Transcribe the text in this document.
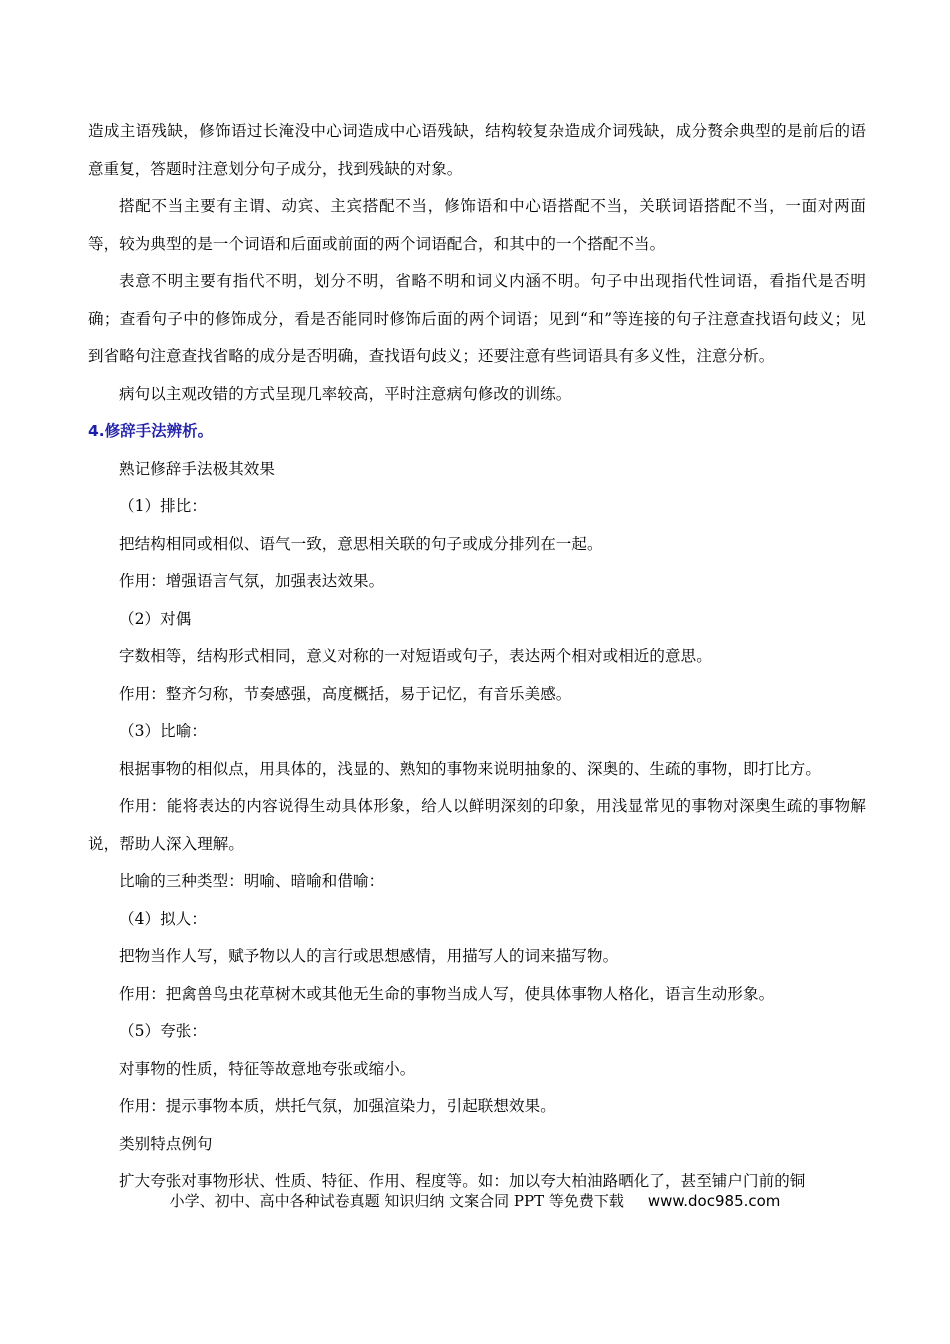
造成主语残缺，修饰语过长淹没中心词造成中心语残缺，结构较复杂造成介词残缺，成分赘余典型的是前后的语意重复，答题时注意划分句子成分，找到残缺的对象。

搭配不当主要有主谓、动宾、主宾搭配不当，修饰语和中心语搭配不当，关联词语搭配不当，一面对两面等，较为典型的是一个词语和后面或前面的两个词语配合，和其中的一个搭配不当。

表意不明主要有指代不明，划分不明，省略不明和词义内涵不明。句子中出现指代性词语，看指代是否明确；查看句子中的修饰成分，看是否能同时修饰后面的两个词语；见到“和”等连接的句子注意查找语句歧义；见到省略句注意查找省略的成分是否明确，查找语句歧义；还要注意有些词语具有多义性，注意分析。

病句以主观改错的方式呈现几率较高，平时注意病句修改的训练。

4.修辞手法辨析。

熟记修辞手法极其效果

（1）排比：

把结构相同或相似、语气一致，意思相关联的句子或成分排列在一起。

作用：增强语言气氛，加强表达效果。

（2）对偶

字数相等，结构形式相同，意义对称的一对短语或句子，表达两个相对或相近的意思。

作用：整齐匀称，节奏感强，高度概括，易于记忆，有音乐美感。

（3）比喻：

根据事物的相似点，用具体的，浅显的、熟知的事物来说明抽象的、深奥的、生疏的事物，即打比方。

作用：能将表达的内容说得生动具体形象，给人以鲜明深刻的印象，用浅显常见的事物对深奥生疏的事物解说，帮助人深入理解。

比喻的三种类型：明喻、暗喻和借喻：

（4）拟人：

把物当作人写，赋予物以人的言行或思想感情，用描写人的词来描写物。

作用：把禽兽鸟虫花草树木或其他无生命的事物当成人写，使具体事物人格化，语言生动形象。

（5）夸张：

对事物的性质，特征等故意地夸张或缩小。

作用：提示事物本质，烘托气氛，加强渲染力，引起联想效果。

类别特点例句

扩大夸张对事物形状、性质、特征、作用、程度等。如：加以夸大柏油路晒化了，甚至铺户门前的铜

小学、初中、高中各种试卷真题 知识归纳 文案合同 PPT 等免费下载 www.doc985.com
